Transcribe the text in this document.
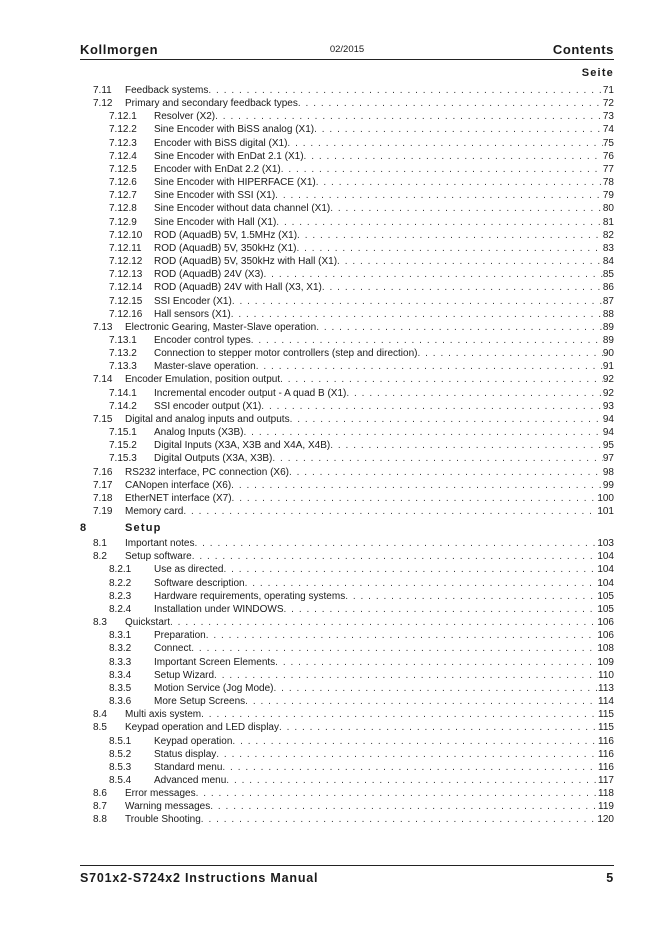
Kollmorgen	02/2015	Contents
Seite
7.11 Feedback systems . . .	71
7.12 Primary and secondary feedback types . . .	72
7.12.1 Resolver (X2) . . .	73
7.12.2 Sine Encoder with BiSS analog (X1) . . .	74
7.12.3 Encoder with BiSS digital (X1) . . .	75
7.12.4 Sine Encoder with EnDat 2.1 (X1) . . .	76
7.12.5 Encoder with EnDat 2.2 (X1) . . .	77
7.12.6 Sine Encoder with HIPERFACE (X1) . . .	78
7.12.7 Sine Encoder with SSI (X1) . . .	79
7.12.8 Sine Encoder without data channel (X1) . . .	80
7.12.9 Sine Encoder with Hall (X1) . . .	81
7.12.10 ROD (AquadB) 5V, 1.5MHz (X1) . . .	82
7.12.11 ROD (AquadB) 5V, 350kHz (X1) . . .	83
7.12.12 ROD (AquadB) 5V, 350kHz with Hall (X1) . . .	84
7.12.13 ROD (AquadB) 24V (X3) . . .	85
7.12.14 ROD (AquadB) 24V with Hall (X3, X1) . . .	86
7.12.15 SSI Encoder (X1) . . .	87
7.12.16 Hall sensors (X1) . . .	88
7.13 Electronic Gearing, Master-Slave operation . . .	89
7.13.1 Encoder control types . . .	89
7.13.2 Connection to stepper motor controllers (step and direction) . . .	90
7.13.3 Master-slave operation . . .	91
7.14 Encoder Emulation, position output . . .	92
7.14.1 Incremental encoder output - A quad B (X1) . . .	92
7.14.2 SSI encoder output (X1) . . .	93
7.15 Digital and analog inputs and outputs . . .	94
7.15.1 Analog Inputs (X3B) . . .	94
7.15.2 Digital Inputs (X3A, X3B and X4A, X4B) . . .	95
7.15.3 Digital Outputs (X3A, X3B) . . .	97
7.16 RS232 interface, PC connection (X6) . . .	98
7.17 CANopen interface (X6) . . .	99
7.18 EtherNET interface (X7) . . .	100
7.19 Memory card . . .	101
8	Setup
8.1 Important notes . . .	103
8.2 Setup software . . .	104
8.2.1 Use as directed . . .	104
8.2.2 Software description . . .	104
8.2.3 Hardware requirements, operating systems . . .	105
8.2.4 Installation under WINDOWS . . .	105
8.3 Quickstart . . .	106
8.3.1 Preparation . . .	106
8.3.2 Connect . . .	108
8.3.3 Important Screen Elements . . .	109
8.3.4 Setup Wizard . . .	110
8.3.5 Motion Service (Jog Mode) . . .	113
8.3.6 More Setup Screens . . .	114
8.4 Multi axis system . . .	115
8.5 Keypad operation and LED display . . .	115
8.5.1 Keypad operation . . .	116
8.5.2 Status display . . .	116
8.5.3 Standard menu . . .	116
8.5.4 Advanced menu . . .	117
8.6 Error messages . . .	118
8.7 Warning messages . . .	119
8.8 Trouble Shooting . . .	120
S701x2-S724x2 Instructions Manual	5
